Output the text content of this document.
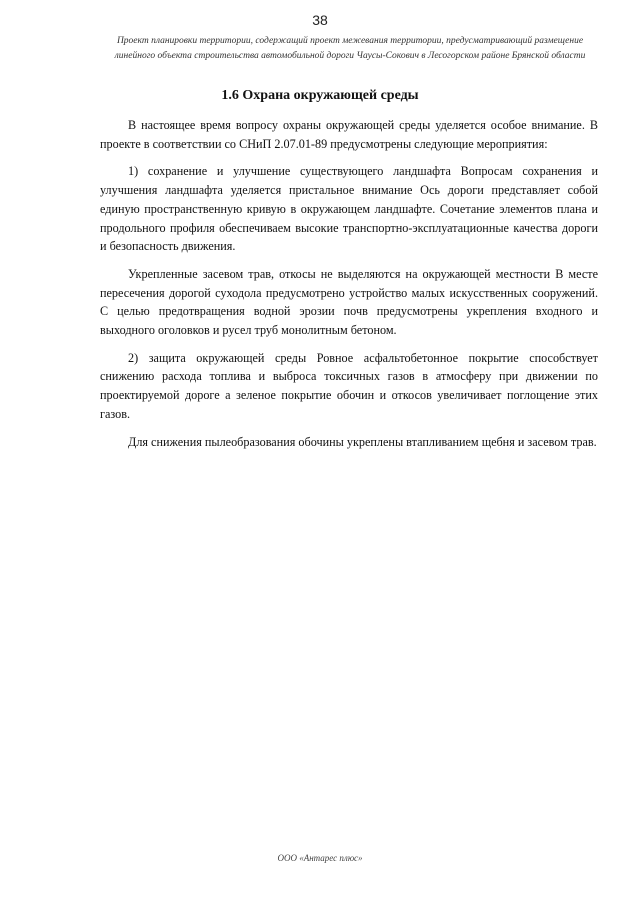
38
Проект планировки территории, содержащий проект межевания территории, предусматривающий размещение линейного объекта строительства автомобильной дороги Чаусы-Сокович в Лесогорском районе Брянской области
1.6 Охрана окружающей среды

В настоящее время вопросу охраны окружающей среды уделяется особое внимание. В проекте в соответствии со СНиП 2.07.01-89 предусмотрены следующие мероприятия:

1) сохранение и улучшение существующего ландшафта Вопросам сохранения и улучшения ландшафта уделяется пристальное внимание Ось дороги представляет собой единую пространственную кривую в окружающем ландшафте. Сочетание элементов плана и продольного профиля обеспечиваем высокие транспортно-эксплуатационные качества дороги и безопасность движения.

Укрепленные засевом трав, откосы не выделяются на окружающей местности В месте пересечения дорогой суходола предусмотрено устройство малых искусственных сооружений. С целью предотвращения водной эрозии почв предусмотрены укрепления входного и выходного оголовков и русел труб монолитным бетоном.

2) защита окружающей среды Ровное асфальтобетонное покрытие способствует снижению расхода топлива и выброса токсичных газов в атмосферу при движении по проектируемой дороге а зеленое покрытие обочин и откосов увеличивает поглощение этих газов.

Для снижения пылеобразования обочины укреплены втапливанием щебня и засевом трав.

ООО «Антарес плюс»
